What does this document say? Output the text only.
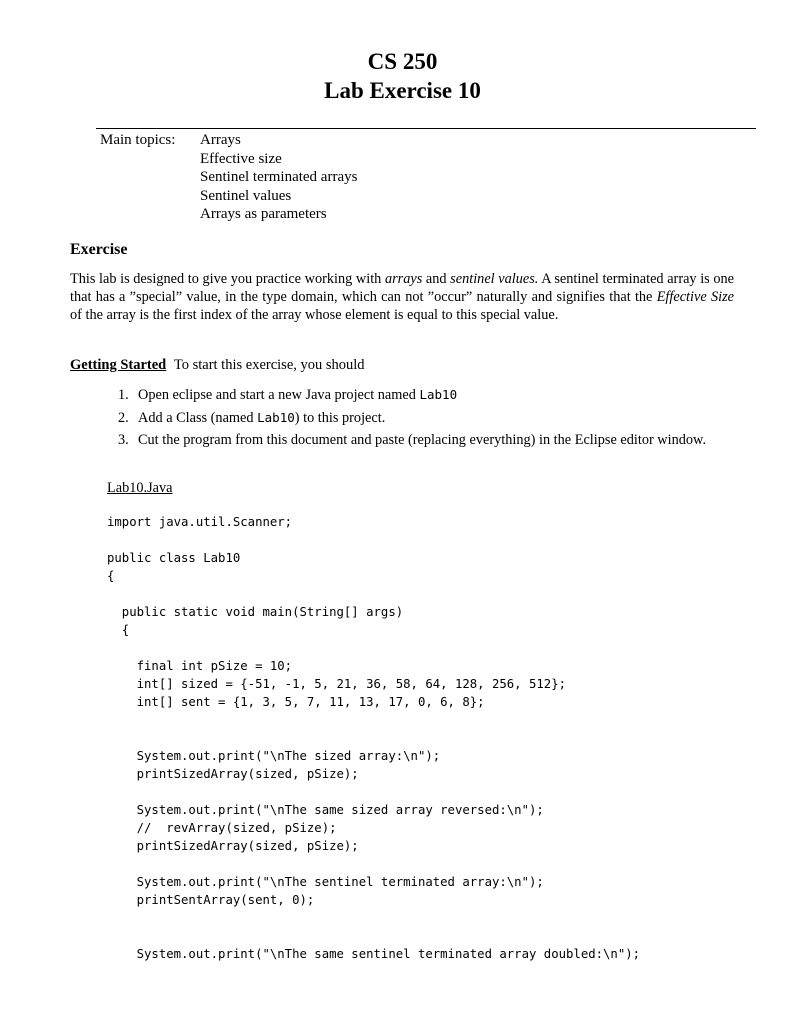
CS 250
Lab Exercise 10
Main topics: Arrays
Effective size
Sentinel terminated arrays
Sentinel values
Arrays as parameters
Exercise

This lab is designed to give you practice working with arrays and sentinel values. A sentinel terminated array is one that has a ”special” value, in the type domain, which can not ”occur” naturally and signifies that the Effective Size of the array is the first index of the array whose element is equal to this special value.

Getting Started To start this exercise, you should
1. Open eclipse and start a new Java project named Lab10
2. Add a Class (named Lab10) to this project.
3. Cut the program from this document and paste (replacing everything) in the Eclipse editor window.
Lab10.Java
import java.util.Scanner;
public class Lab10
{
public static void main(String[] args)
{
final int pSize = 10;
int[] sized = {-51, -1, 5, 21, 36, 58, 64, 128, 256, 512};
int[] sent = {1, 3, 5, 7, 11, 13, 17, 0, 6, 8};
System.out.print("\nThe sized array:\n");
printSizedArray(sized, pSize);
System.out.print("\nThe same sized array reversed:\n");
//  revArray(sized, pSize);
printSizedArray(sized, pSize);
System.out.print("\nThe sentinel terminated array:\n");
printSentArray(sent, 0);
System.out.print("\nThe same sentinel terminated array doubled:\n");
